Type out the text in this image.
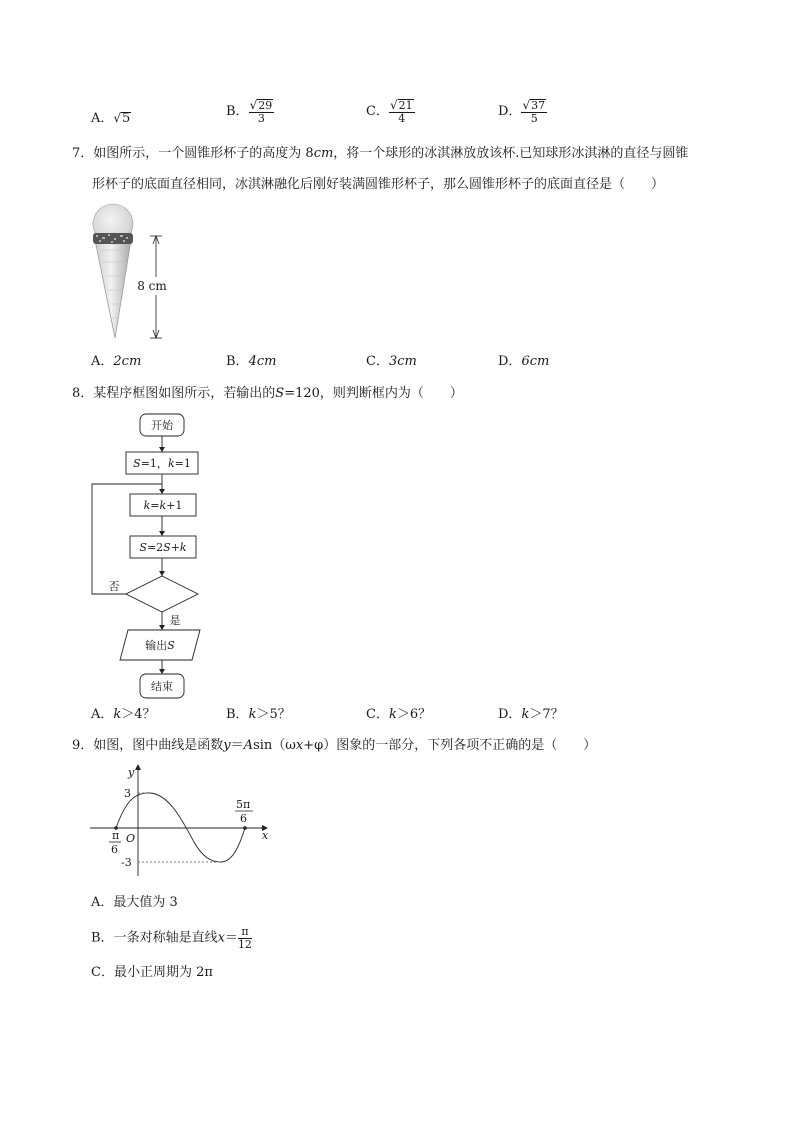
A．√5	B． $\frac{√29}{3}$	C． $\frac{√21}{4}$	D． $\frac{√37}{5}$
7．如图所示，一个圆锥形杯子的高度为 8cm，将一个球形的冰淇淋放放该杯.已知球形冰淇淋的直径与圆锥
形杯子的底面直径相同，冰淇淋融化后刚好装满圆锥形杯子，那么圆锥形杯子的底面直径是（　　）
8 cm
A．2cm	B．4cm	C．3cm	D．6cm
8．某程序框图如图所示，若输出的S=120，则判断框内为（　　）
开始
S=1，k=1
k=k+1
S=2S+k
否
是
输出S
结束
A．k＞4？	B．k＞5？	C．k＞6？	D．k＞7？
9．如图，图中曲线是函数y＝Asin（ωx+φ）图象的一部分，下列各项不正确的是（　　）
y
x
O
3
-3
π
6
5π
6
A．最大值为 3
B．一条对称轴是直线$x= \frac{\pi}{12}$
C．最小正周期为 2π
